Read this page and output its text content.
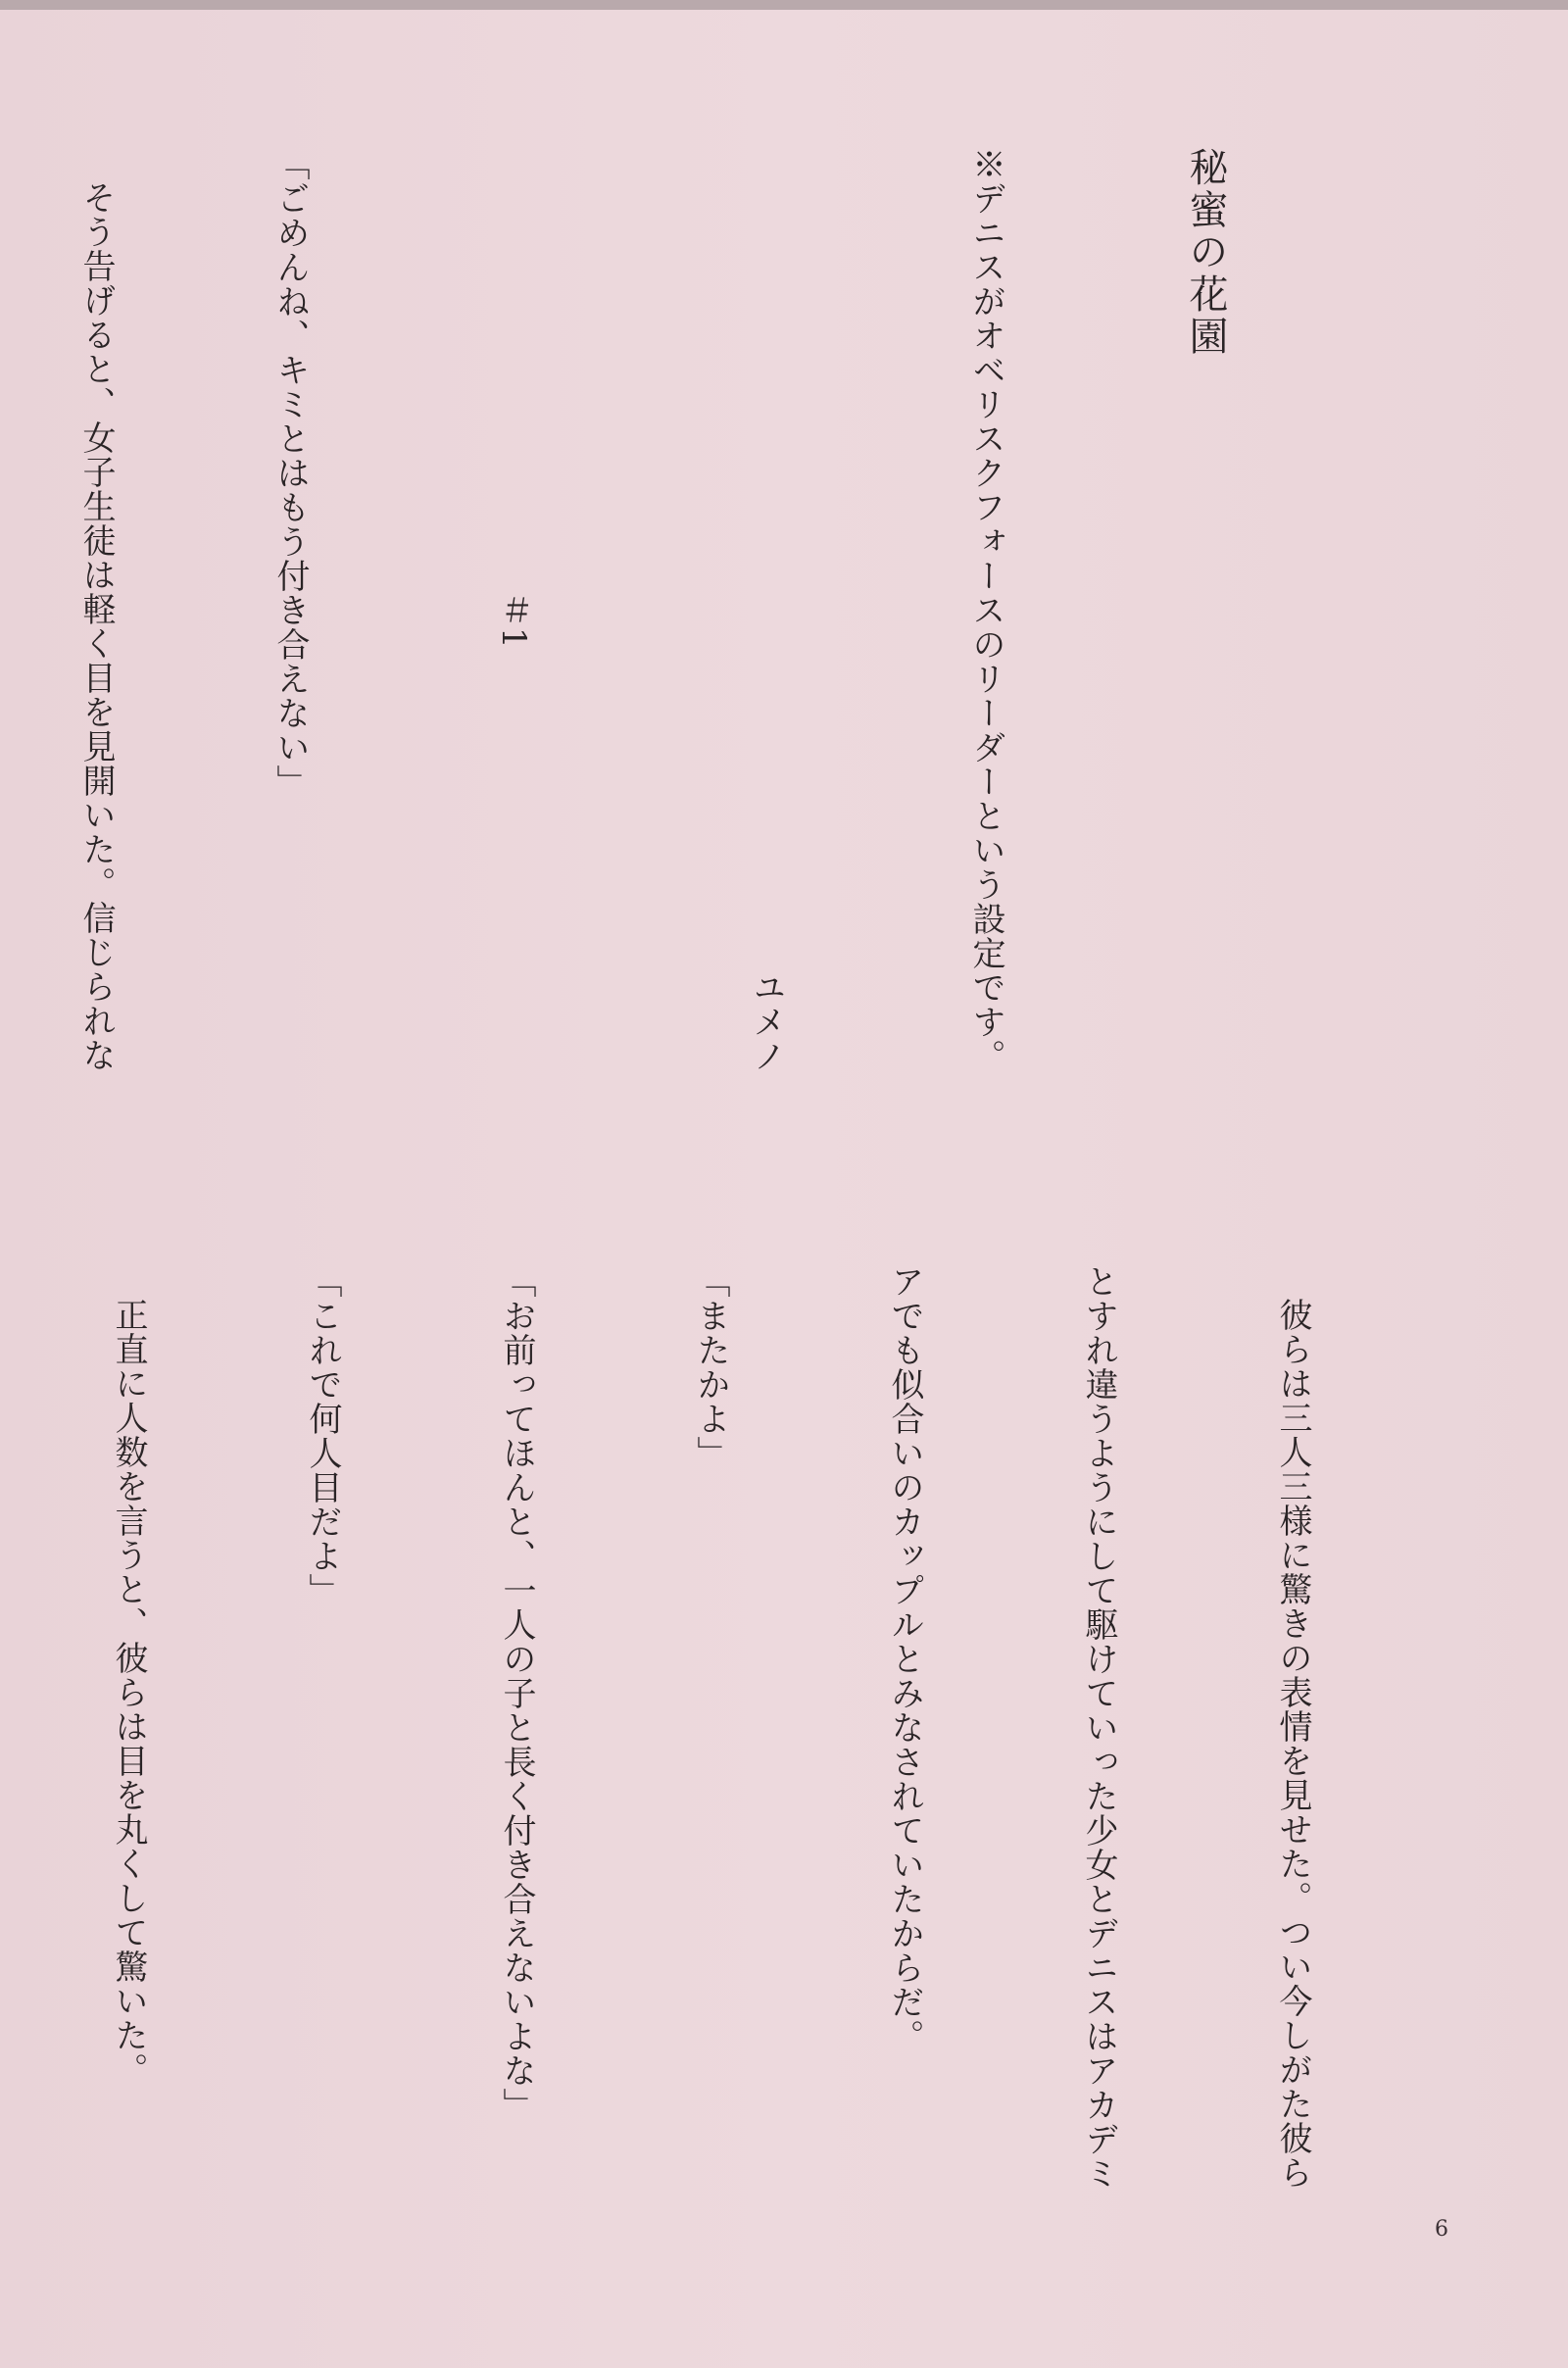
秘蜜の花園

※デニスがオベリスクフォースのリーダーという設定です。

ユメノ

＃1

「ごめんね、キミとはもう付き合えない」

そう告げると、女子生徒は軽く目を見開いた。信じられな

彼らは三人三様に驚きの表情を見せた。つい今しがた彼ら

とすれ違うようにして駆けていった少女とデニスはアカデミ

アでも似合いのカップルとみなされていたからだ。

「またかよ」

「お前ってほんと、一人の子と長く付き合えないよな」

「これで何人目だよ」

正直に人数を言うと、彼らは目を丸くして驚いた。

6
